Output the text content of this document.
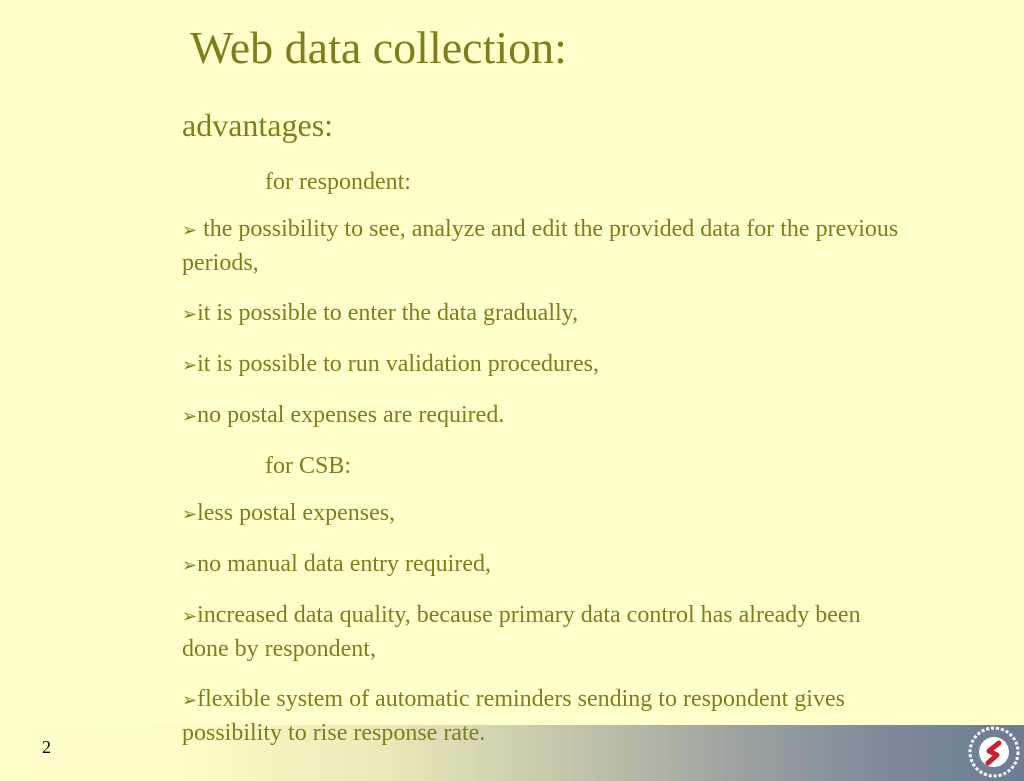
Web data collection:
advantages:

for respondent:

➢ the possibility to see, analyze and edit the provided data for the previous periods,

➢it is possible to enter the data gradually,

➢it is possible to run validation procedures,

➢no postal expenses are required.

for CSB:

➢less postal expenses,

➢no manual data entry required,

➢increased data quality, because primary data control has already been done by respondent,

➢flexible system of automatic reminders sending to respondent gives possibility to rise response rate.

2
